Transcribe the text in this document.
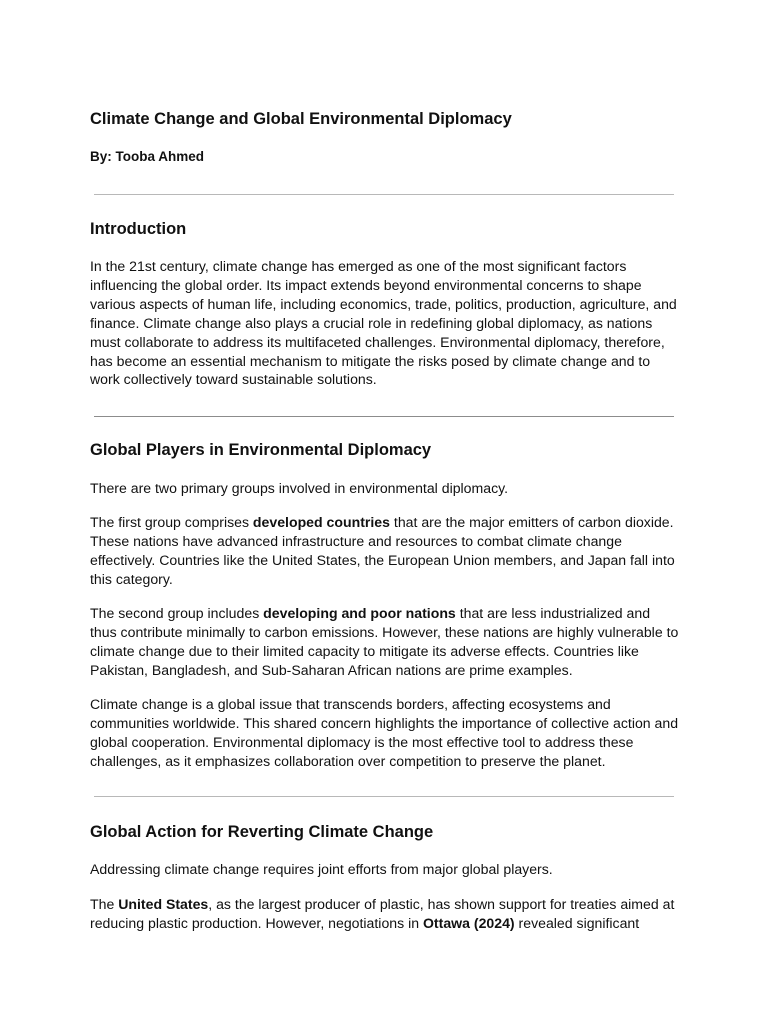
Climate Change and Global Environmental Diplomacy

By: Tooba Ahmed

Introduction

In the 21st century, climate change has emerged as one of the most significant factors influencing the global order. Its impact extends beyond environmental concerns to shape various aspects of human life, including economics, trade, politics, production, agriculture, and finance. Climate change also plays a crucial role in redefining global diplomacy, as nations must collaborate to address its multifaceted challenges. Environmental diplomacy, therefore, has become an essential mechanism to mitigate the risks posed by climate change and to work collectively toward sustainable solutions.

Global Players in Environmental Diplomacy

There are two primary groups involved in environmental diplomacy.

The first group comprises developed countries that are the major emitters of carbon dioxide. These nations have advanced infrastructure and resources to combat climate change effectively. Countries like the United States, the European Union members, and Japan fall into this category.

The second group includes developing and poor nations that are less industrialized and thus contribute minimally to carbon emissions. However, these nations are highly vulnerable to climate change due to their limited capacity to mitigate its adverse effects. Countries like Pakistan, Bangladesh, and Sub-Saharan African nations are prime examples.

Climate change is a global issue that transcends borders, affecting ecosystems and communities worldwide. This shared concern highlights the importance of collective action and global cooperation. Environmental diplomacy is the most effective tool to address these challenges, as it emphasizes collaboration over competition to preserve the planet.

Global Action for Reverting Climate Change

Addressing climate change requires joint efforts from major global players.

The United States, as the largest producer of plastic, has shown support for treaties aimed at reducing plastic production. However, negotiations in Ottawa (2024) revealed significant
